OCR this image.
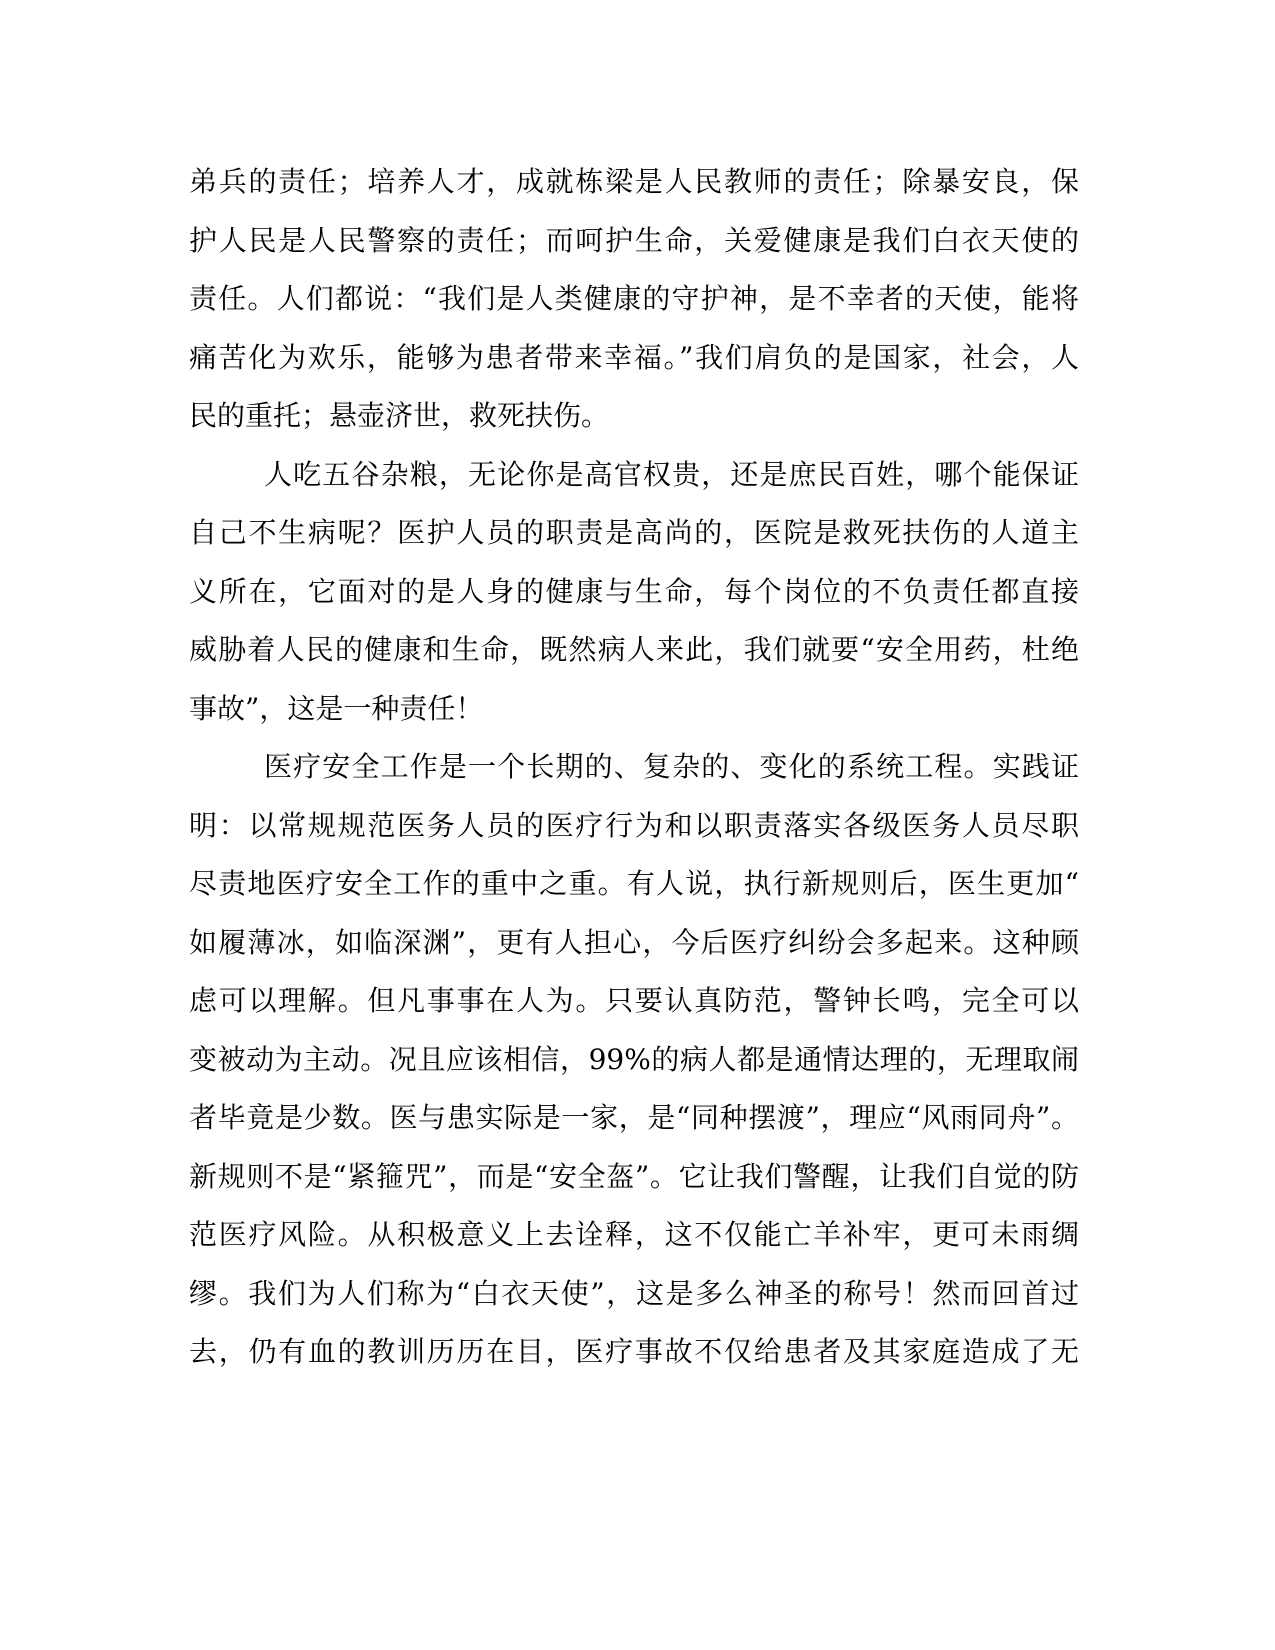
弟兵的责任；培养人才，成就栋梁是人民教师的责任；除暴安良，保
护人民是人民警察的责任；而呵护生命，关爱健康是我们白衣天使的
责任。人们都说：“我们是人类健康的守护神，是不幸者的天使，能将
痛苦化为欢乐，能够为患者带来幸福。”我们肩负的是国家，社会，人
民的重托；悬壶济世，救死扶伤。
人吃五谷杂粮，无论你是高官权贵，还是庶民百姓，哪个能保证
自己不生病呢？医护人员的职责是高尚的，医院是救死扶伤的人道主
义所在，它面对的是人身的健康与生命，每个岗位的不负责任都直接
威胁着人民的健康和生命，既然病人来此，我们就要“安全用药，杜绝
事故”，这是一种责任！
医疗安全工作是一个长期的、复杂的、变化的系统工程。实践证
明：以常规规范医务人员的医疗行为和以职责落实各级医务人员尽职
尽责地医疗安全工作的重中之重。有人说，执行新规则后，医生更加“
如履薄冰，如临深渊”，更有人担心，今后医疗纠纷会多起来。这种顾
虑可以理解。但凡事事在人为。只要认真防范，警钟长鸣，完全可以
变被动为主动。况且应该相信，99%的病人都是通情达理的，无理取闹
者毕竟是少数。医与患实际是一家，是“同种摆渡”，理应“风雨同舟”。
新规则不是“紧箍咒”，而是“安全盔”。它让我们警醒，让我们自觉的防
范医疗风险。从积极意义上去诠释，这不仅能亡羊补牢，更可未雨绸
缪。我们为人们称为“白衣天使”，这是多么神圣的称号！然而回首过
去，仍有血的教训历历在目，医疗事故不仅给患者及其家庭造成了无
